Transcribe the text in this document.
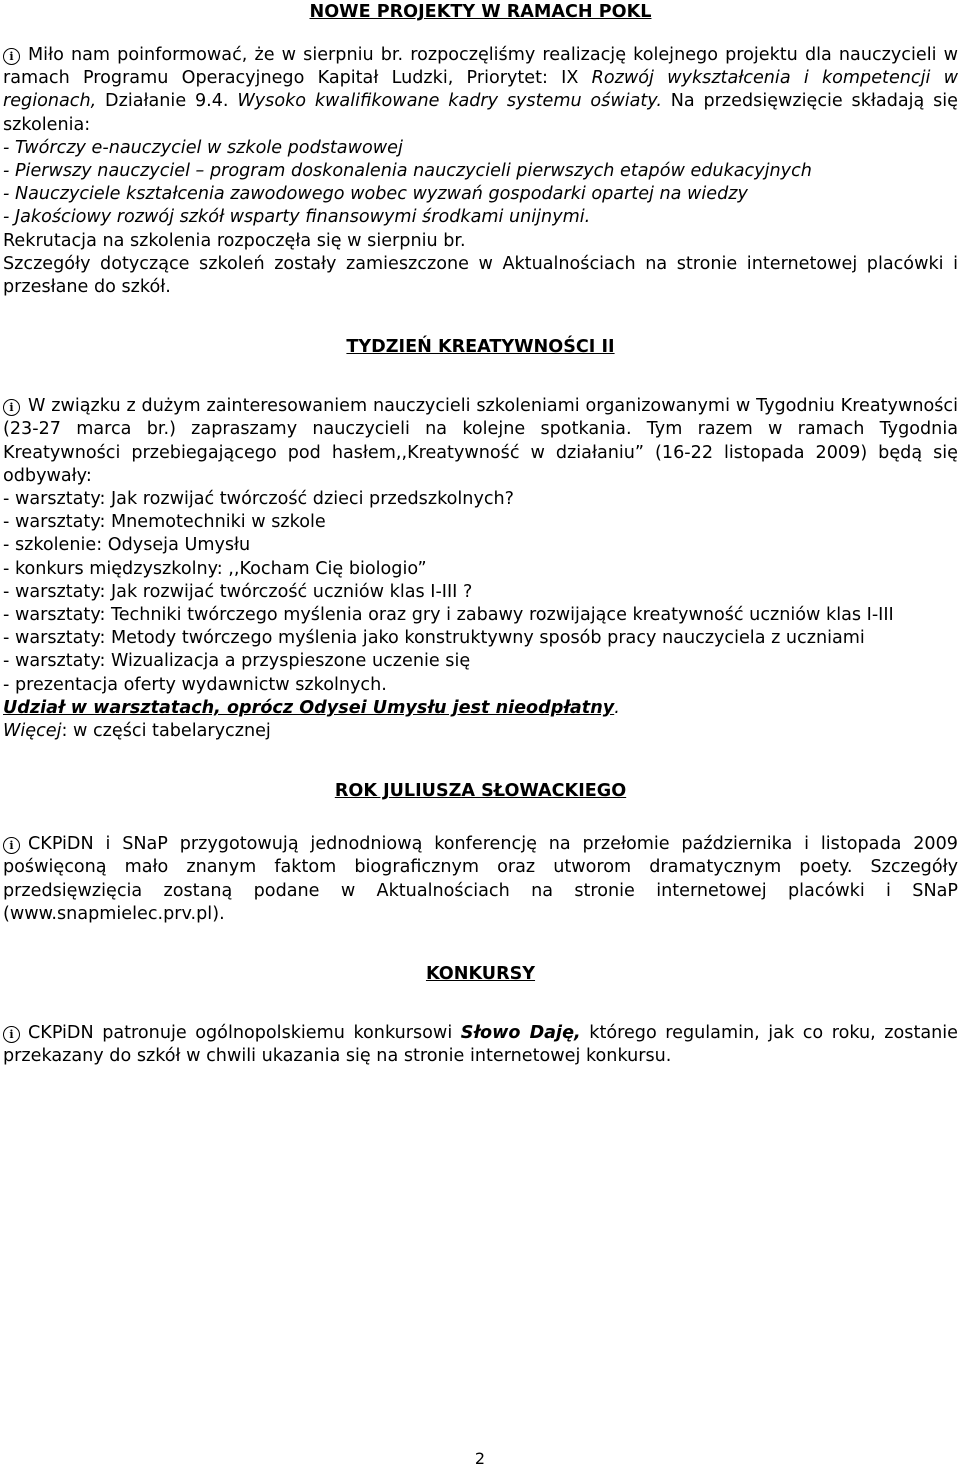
NOWE PROJEKTY W RAMACH POKL

i Miło nam poinformować, że w sierpniu br. rozpoczęliśmy realizację kolejnego projektu dla nauczycieli w ramach Programu Operacyjnego Kapitał Ludzki, Priorytet: IX Rozwój wykształcenia i kompetencji w regionach, Działanie 9.4. Wysoko kwalifikowane kadry systemu oświaty. Na przedsięwzięcie składają się szkolenia:

- Twórczy e-nauczyciel w szkole podstawowej
- Pierwszy nauczyciel – program doskonalenia nauczycieli pierwszych etapów edukacyjnych
- Nauczyciele kształcenia zawodowego wobec wyzwań gospodarki opartej na wiedzy
- Jakościowy rozwój szkół wsparty finansowymi środkami unijnymi.
Rekrutacja na szkolenia rozpoczęła się w sierpniu br.

Szczegóły dotyczące szkoleń zostały zamieszczone w Aktualnościach na stronie internetowej placówki i przesłane do szkół.

TYDZIEŃ KREATYWNOŚCI II

i W związku z dużym zainteresowaniem nauczycieli szkoleniami organizowanymi w Tygodniu Kreatywności (23-27 marca br.) zapraszamy nauczycieli na kolejne spotkania. Tym razem w ramach Tygodnia Kreatywności przebiegającego pod hasłem,,Kreatywność w działaniu” (16-22 listopada 2009) będą się odbywały:

- warsztaty: Jak rozwijać twórczość dzieci przedszkolnych?
- warsztaty: Mnemotechniki w szkole
- szkolenie: Odyseja Umysłu
- konkurs międzyszkolny: ,,Kocham Cię biologio”
- warsztaty: Jak rozwijać twórczość uczniów klas I-III ?
- warsztaty: Techniki twórczego myślenia oraz gry i zabawy rozwijające kreatywność uczniów klas I-III
- warsztaty: Metody twórczego myślenia jako konstruktywny sposób pracy nauczyciela z uczniami
- warsztaty: Wizualizacja a przyspieszone uczenie się
- prezentacja oferty wydawnictw szkolnych.
Udział w warsztatach, oprócz Odysei Umysłu jest nieodpłatny.
Więcej: w części tabelarycznej
ROK JULIUSZA SŁOWACKIEGO

i CKPiDN i SNaP przygotowują jednodniową konferencję na przełomie października i listopada 2009 poświęconą mało znanym faktom biograficznym oraz utworom dramatycznym poety. Szczegóły przedsięwzięcia zostaną podane w Aktualnościach na stronie internetowej placówki i SNaP (www.snapmielec.prv.pl).

KONKURSY

i CKPiDN patronuje ogólnopolskiemu konkursowi Słowo Daję, którego regulamin, jak co roku, zostanie przekazany do szkół w chwili ukazania się na stronie internetowej konkursu.

2
